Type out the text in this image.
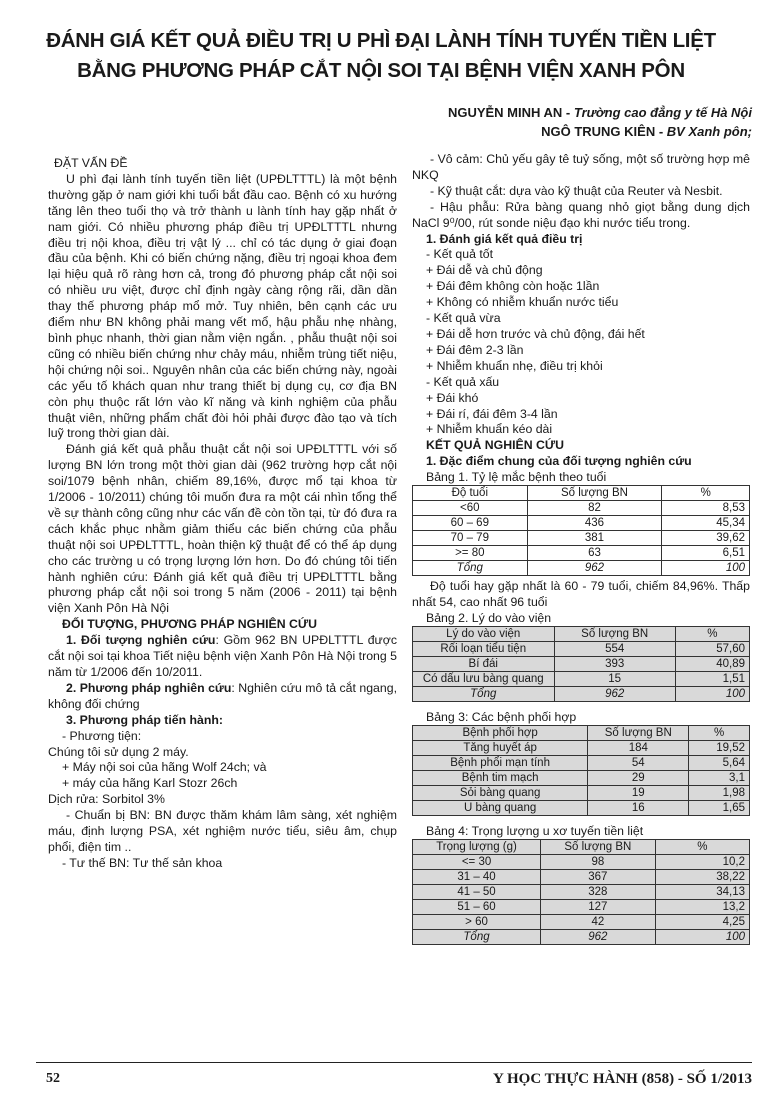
ĐÁNH GIÁ KẾT QUẢ ĐIỀU TRỊ U PHÌ ĐẠI LÀNH TÍNH TUYẾN TIỀN LIỆT
BẰNG PHƯƠNG PHÁP CẮT NỘI SOI TẠI BỆNH VIỆN XANH PÔN
NGUYỄN MINH AN - Trường cao đẳng y tế Hà Nội
NGÔ TRUNG KIÊN - BV Xanh pôn;

ĐẶT VẤN ĐỀ

U phì đại lành tính tuyến tiền liệt (UPĐLTTTL) là một bệnh thường gặp ở nam giới khi tuổi bắt đầu cao. Bệnh có xu hướng tăng lên theo tuổi thọ và trở thành u lành tính hay gặp nhất ở nam giới. Có nhiều phương pháp điều trị UPĐLTTTL nhưng điều trị nội khoa, điều trị vật lý ... chỉ có tác dụng ở giai đoạn đầu của bệnh. Khi có biến chứng nặng, điều trị ngoại khoa đem lại hiệu quả rõ ràng hơn cả, trong đó phương pháp cắt nội soi có nhiều ưu việt, được chỉ định ngày càng rộng rãi, dần dần thay thế phương pháp mổ mở. Tuy nhiên, bên cạnh các ưu điểm như BN không phải mang vết mổ, hậu phẫu nhẹ nhàng, bình phục nhanh, thời gian nằm viện ngắn. , phẫu thuật nội soi cũng có nhiều biến chứng như chảy máu, nhiễm trùng tiết niệu, hội chứng nội soi.. Nguyên nhân của các biến chứng này, ngoài các yếu tố khách quan như trang thiết bị dụng cụ, cơ địa BN còn phụ thuộc rất lớn vào kĩ năng và kinh nghiệm của phẫu thuật viên, những phẩm chất đòi hỏi phải được đào tạo và tích luỹ trong thời gian dài.

Đánh giá kết quả phẫu thuật cắt nội soi UPĐLTTTL với số lượng BN lớn trong một thời gian dài (962 trường hợp cắt nội soi/1079 bệnh nhân, chiếm 89,16%, được mổ tại khoa từ 1/2006 - 10/2011) chúng tôi muốn đưa ra một cái nhìn tổng thể về sự thành công cũng như các vấn đề còn tồn tại, từ đó đưa ra cách khắc phục nhằm giảm thiểu các biến chứng của phẫu thuật nội soi UPĐLTTTL, hoàn thiện kỹ thuật để có thể áp dụng cho các trường u có trọng lượng lớn hơn. Do đó chúng tôi tiến hành nghiên cứu: Đánh giá kết quả điều trị UPĐLTTTL bằng phương pháp cắt nội soi trong 5 năm (2006 - 2011) tại bệnh viện Xanh Pôn Hà Nội

ĐỐI TƯỢNG, PHƯƠNG PHÁP NGHIÊN CỨU

1. Đối tượng nghiên cứu: Gồm 962 BN UPĐLTTTL được cắt nội soi tại khoa Tiết niệu bệnh viện Xanh Pôn Hà Nội trong 5 năm từ 1/2006 đến 10/2011.

2. Phương pháp nghiên cứu: Nghiên cứu mô tả cắt ngang, không đối chứng

3. Phương pháp tiến hành:

- Phương tiện:

Chúng tôi sử dụng 2 máy.

+ Máy nội soi của hãng Wolf 24ch; và

+ máy của hãng Karl Stozr 26ch

Dịch rửa: Sorbitol 3%

- Chuẩn bị BN: BN được thăm khám lâm sàng, xét nghiệm máu, định lượng PSA, xét nghiệm nước tiểu, siêu âm, chụp phổi, điện tim ..

- Tư thế BN: Tư thế sản khoa

- Vô cảm: Chủ yếu gây tê tuỷ sống, một số trường hợp mê NKQ

- Kỹ thuật cắt: dựa vào kỹ thuật của Reuter và Nesbit.

- Hậu phẫu: Rửa bàng quang nhỏ giọt bằng dung dịch NaCl 9⁰/00, rút sonde niệu đạo khi nước tiểu trong.

1. Đánh giá kết quả điều trị

- Kết quả tốt

+ Đái dễ và chủ động

+ Đái đêm không còn hoặc 1lần

+ Không có nhiễm khuẩn nước tiểu

- Kết quả vừa

+ Đái dễ hơn trước và chủ động, đái hết

+ Đái đêm 2-3 lần

+ Nhiễm khuẩn nhẹ, điều trị khỏi

- Kết quả xấu

+ Đái khó

+ Đái rí, đái đêm 3-4 lần

+ Nhiễm khuẩn kéo dài

KẾT QUẢ NGHIÊN CỨU

1. Đặc điểm chung của đối tượng nghiên cứu

Bảng 1. Tỷ lệ mắc bệnh theo tuổi

Độ tuổi	Số lượng BN	%
<60	82	8,53
60 – 69	436	45,34
70 – 79	381	39,62
>= 80	63	6,51
Tổng	962	100

Độ tuổi hay gặp nhất là 60 - 79 tuổi, chiếm 84,96%. Thấp nhất 54, cao nhất 96 tuổi

Bảng 2. Lý do vào viện

Lý do vào viện	Số lượng BN	%
Rối loạn tiểu tiện	554	57,60
Bí đái	393	40,89
Có dấu lưu bàng quang	15	1,51
Tổng	962	100

Bảng 3: Các bệnh phối hợp

Bệnh phối hợp	Số lượng BN	%
Tăng huyết áp	184	19,52
Bệnh phổi mạn tính	54	5,64
Bệnh tim mạch	29	3,1
Sỏi bàng quang	19	1,98
U bàng quang	16	1,65

Bảng 4: Trọng lượng u xơ tuyến tiền liệt

Trọng lượng (g)	Số lượng BN	%
<= 30	98	10,2
31 – 40	367	38,22
41 – 50	328	34,13
51 – 60	127	13,2
> 60	42	4,25
Tổng	962	100
52	Y HỌC THỰC HÀNH (858) - SỐ 1/2013
